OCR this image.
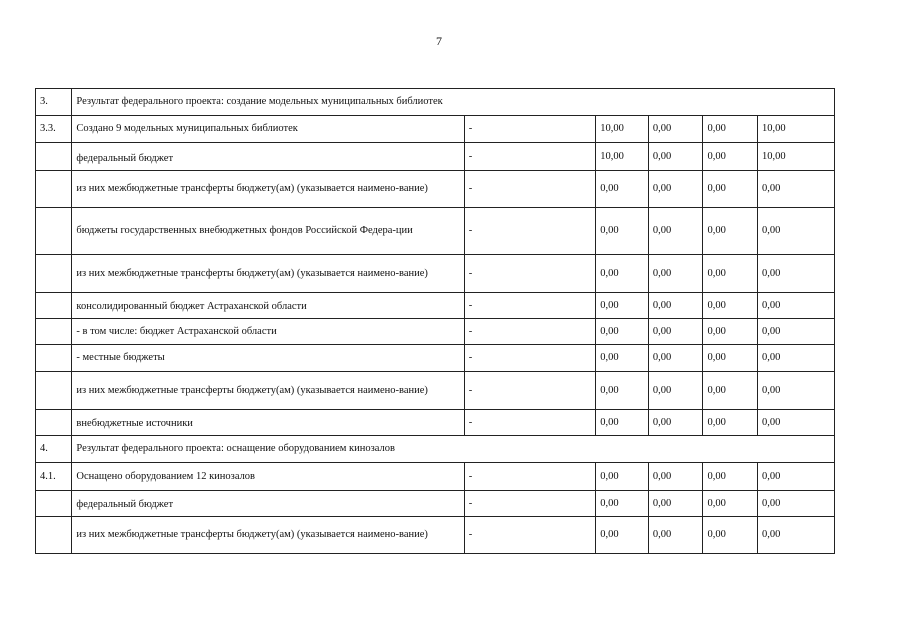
7
3.	Результат федерального проекта: создание модельных муниципальных библиотек					
3.3.	Создано 9 модельных муниципальных библиотек	-	10,00	0,00	0,00	10,00
	федеральный бюджет	-	10,00	0,00	0,00	10,00
	из них межбюджетные трансферты бюджету(ам) (указывается наимено-вание)	-	0,00	0,00	0,00	0,00
	бюджеты государственных внебюджетных фондов Российской Федера-ции	-	0,00	0,00	0,00	0,00
	из них межбюджетные трансферты бюджету(ам) (указывается наимено-вание)	-	0,00	0,00	0,00	0,00
	консолидированный бюджет Астраханской области	-	0,00	0,00	0,00	0,00
	- в том числе: бюджет Астраханской области	-	0,00	0,00	0,00	0,00
	- местные бюджеты	-	0,00	0,00	0,00	0,00
	из них межбюджетные трансферты бюджету(ам) (указывается наимено-вание)	-	0,00	0,00	0,00	0,00
	внебюджетные источники	-	0,00	0,00	0,00	0,00
4.	Результат федерального проекта: оснащение оборудованием кинозалов					
4.1.	Оснащено оборудованием 12 кинозалов	-	0,00	0,00	0,00	0,00
	федеральный бюджет	-	0,00	0,00	0,00	0,00
	из них межбюджетные трансферты бюджету(ам) (указывается наимено-вание)	-	0,00	0,00	0,00	0,00
